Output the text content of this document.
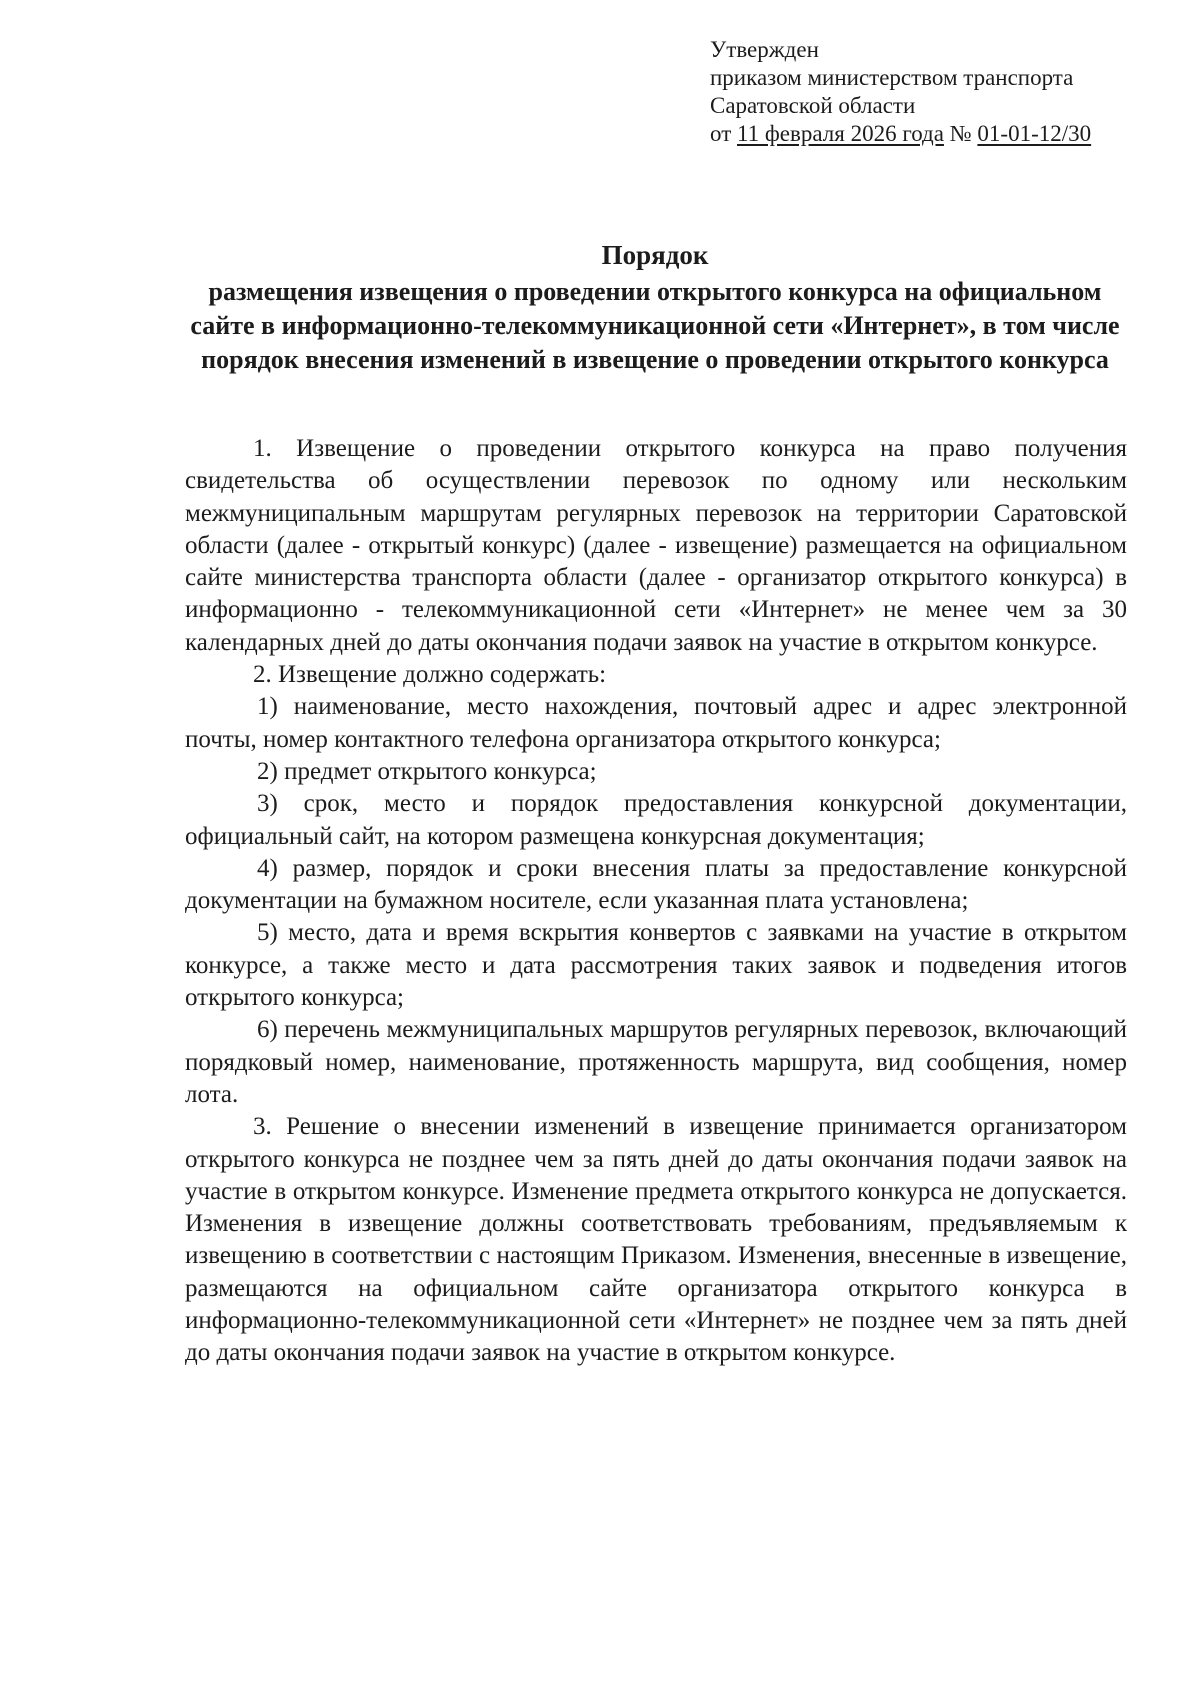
Утвержден
приказом министерством транспорта
Саратовской области
от 11 февраля 2026 года № 01-01-12/30
Порядок
размещения извещения о проведении открытого конкурса на официальном сайте в информационно-телекоммуникационной сети «Интернет», в том числе порядок внесения изменений в извещение о проведении открытого конкурса

1. Извещение о проведении открытого конкурса на право получения свидетельства об осуществлении перевозок по одному или нескольким межмуниципальным маршрутам регулярных перевозок на территории Саратовской области (далее - открытый конкурс) (далее - извещение) размещается на официальном сайте министерства транспорта области (далее - организатор открытого конкурса) в информационно - телекоммуникационной сети «Интернет» не менее чем за 30 календарных дней до даты окончания подачи заявок на участие в открытом конкурсе.

2. Извещение должно содержать:

1) наименование, место нахождения, почтовый адрес и адрес электронной почты, номер контактного телефона организатора открытого конкурса;

2) предмет открытого конкурса;

3) срок, место и порядок предоставления конкурсной документации, официальный сайт, на котором размещена конкурсная документация;

4) размер, порядок и сроки внесения платы за предоставление конкурсной документации на бумажном носителе, если указанная плата установлена;

5) место, дата и время вскрытия конвертов с заявками на участие в открытом конкурсе, а также место и дата рассмотрения таких заявок и подведения итогов открытого конкурса;

6) перечень межмуниципальных маршрутов регулярных перевозок, включающий порядковый номер, наименование, протяженность маршрута, вид сообщения, номер лота.

3. Решение о внесении изменений в извещение принимается организатором открытого конкурса не позднее чем за пять дней до даты окончания подачи заявок на участие в открытом конкурсе. Изменение предмета открытого конкурса не допускается. Изменения в извещение должны соответствовать требованиям, предъявляемым к извещению в соответствии с настоящим Приказом. Изменения, внесенные в извещение, размещаются на официальном сайте организатора открытого конкурса в информационно-телекоммуникационной сети «Интернет» не позднее чем за пять дней до даты окончания подачи заявок на участие в открытом конкурсе.
